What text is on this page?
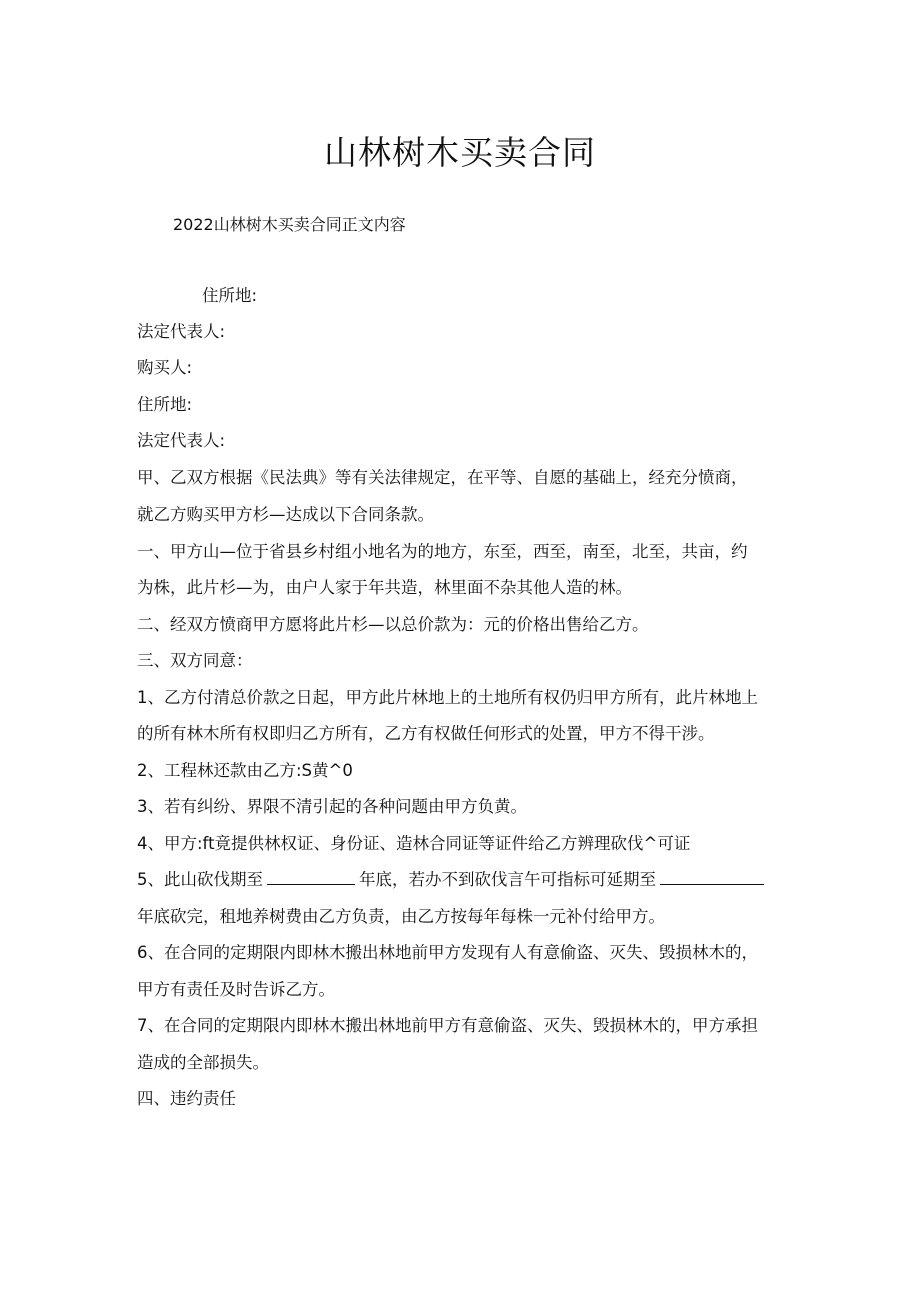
山林树木买卖合同
2022山林树木买卖合同正文内容
住所地:
法定代表人:
购买人:
住所地:
法定代表人:
甲、乙双方根据《民法典》等有关法律规定，在平等、自愿的基础上，经充分愤商，
就乙方购买甲方杉—达成以下合同条款。
一、甲方山—位于省县乡村组小地名为的地方，东至，西至，南至，北至，共亩，约
为株，此片杉—为，由户人家于年共造，林里面不杂其他人造的林。
二、经双方愤商甲方愿将此片杉—以总价款为：元的价格出售给乙方。
三、双方同意：
1、乙方付清总价款之日起，甲方此片林地上的土地所有权仍归甲方所有，此片林地上
的所有林木所有权即归乙方所有，乙方有权做任何形式的处置，甲方不得干涉。
2、工程林还款由乙方:S黄^0
3、若有纠纷、界限不清引起的各种问题由甲方负黄。
4、甲方:ft竟提供林权证、身份证、造林合同证等证件给乙方辨理砍伐^可证
5、此山砍伐期至	年底，若办不到砍伐言午可指标可延期至
年底砍完，租地养树费由乙方负责，由乙方按每年每株一元补付给甲方。
6、在合同的定期限内即林木搬出林地前甲方发现有人有意偷盗、灭失、毁损林木的，
甲方有责任及时告诉乙方。
7、在合同的定期限内即林木搬出林地前甲方有意偷盗、灭失、毁损林木的，甲方承担
造成的全部损失。
四、违约责任
